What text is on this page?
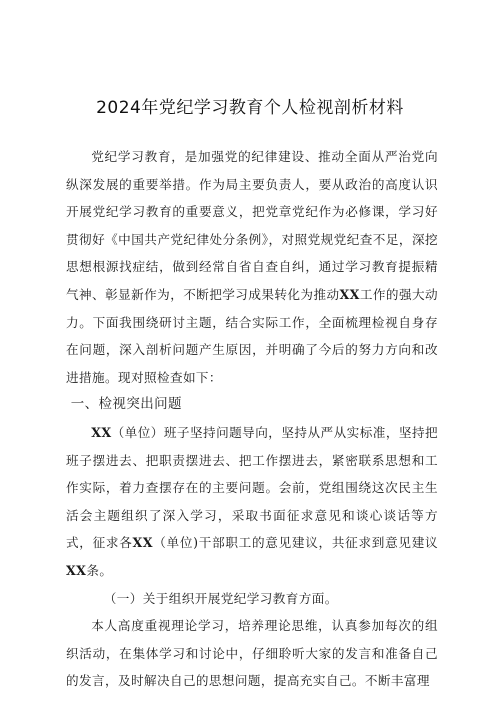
2024年党纪学习教育个人检视剖析材料

党纪学习教育，是加强党的纪律建设、推动全面从严治党向纵深发展的重要举措。作为局主要负责人，要从政治的高度认识开展党纪学习教育的重要意义，把党章党纪作为必修课，学习好贯彻好《中国共产党纪律处分条例》，对照党规党纪查不足，深挖思想根源找症结，做到经常自省自查自纠，通过学习教育提振精气神、彰显新作为，不断把学习成果转化为推动XX工作的强大动力。下面我围绕研讨主题，结合实际工作，全面梳理检视自身存在问题，深入剖析问题产生原因，并明确了今后的努力方向和改进措施。现对照检查如下：

一、检视突出问题

XX（单位）班子坚持问题导向，坚持从严从实标准，坚持把班子摆进去、把职责摆进去、把工作摆进去，紧密联系思想和工作实际，着力查摆存在的主要问题。会前，党组围绕这次民主生活会主题组织了深入学习，采取书面征求意见和谈心谈话等方式，征求各XX（单位)干部职工的意见建议，共征求到意见建议XX条。

（一）关于组织开展党纪学习教育方面。

本人高度重视理论学习，培养理论思维，认真参加每次的组织活动，在集体学习和讨论中，仔细聆听大家的发言和准备自己的发言，及时解决自己的思想问题，提高充实自己。不断丰富理
